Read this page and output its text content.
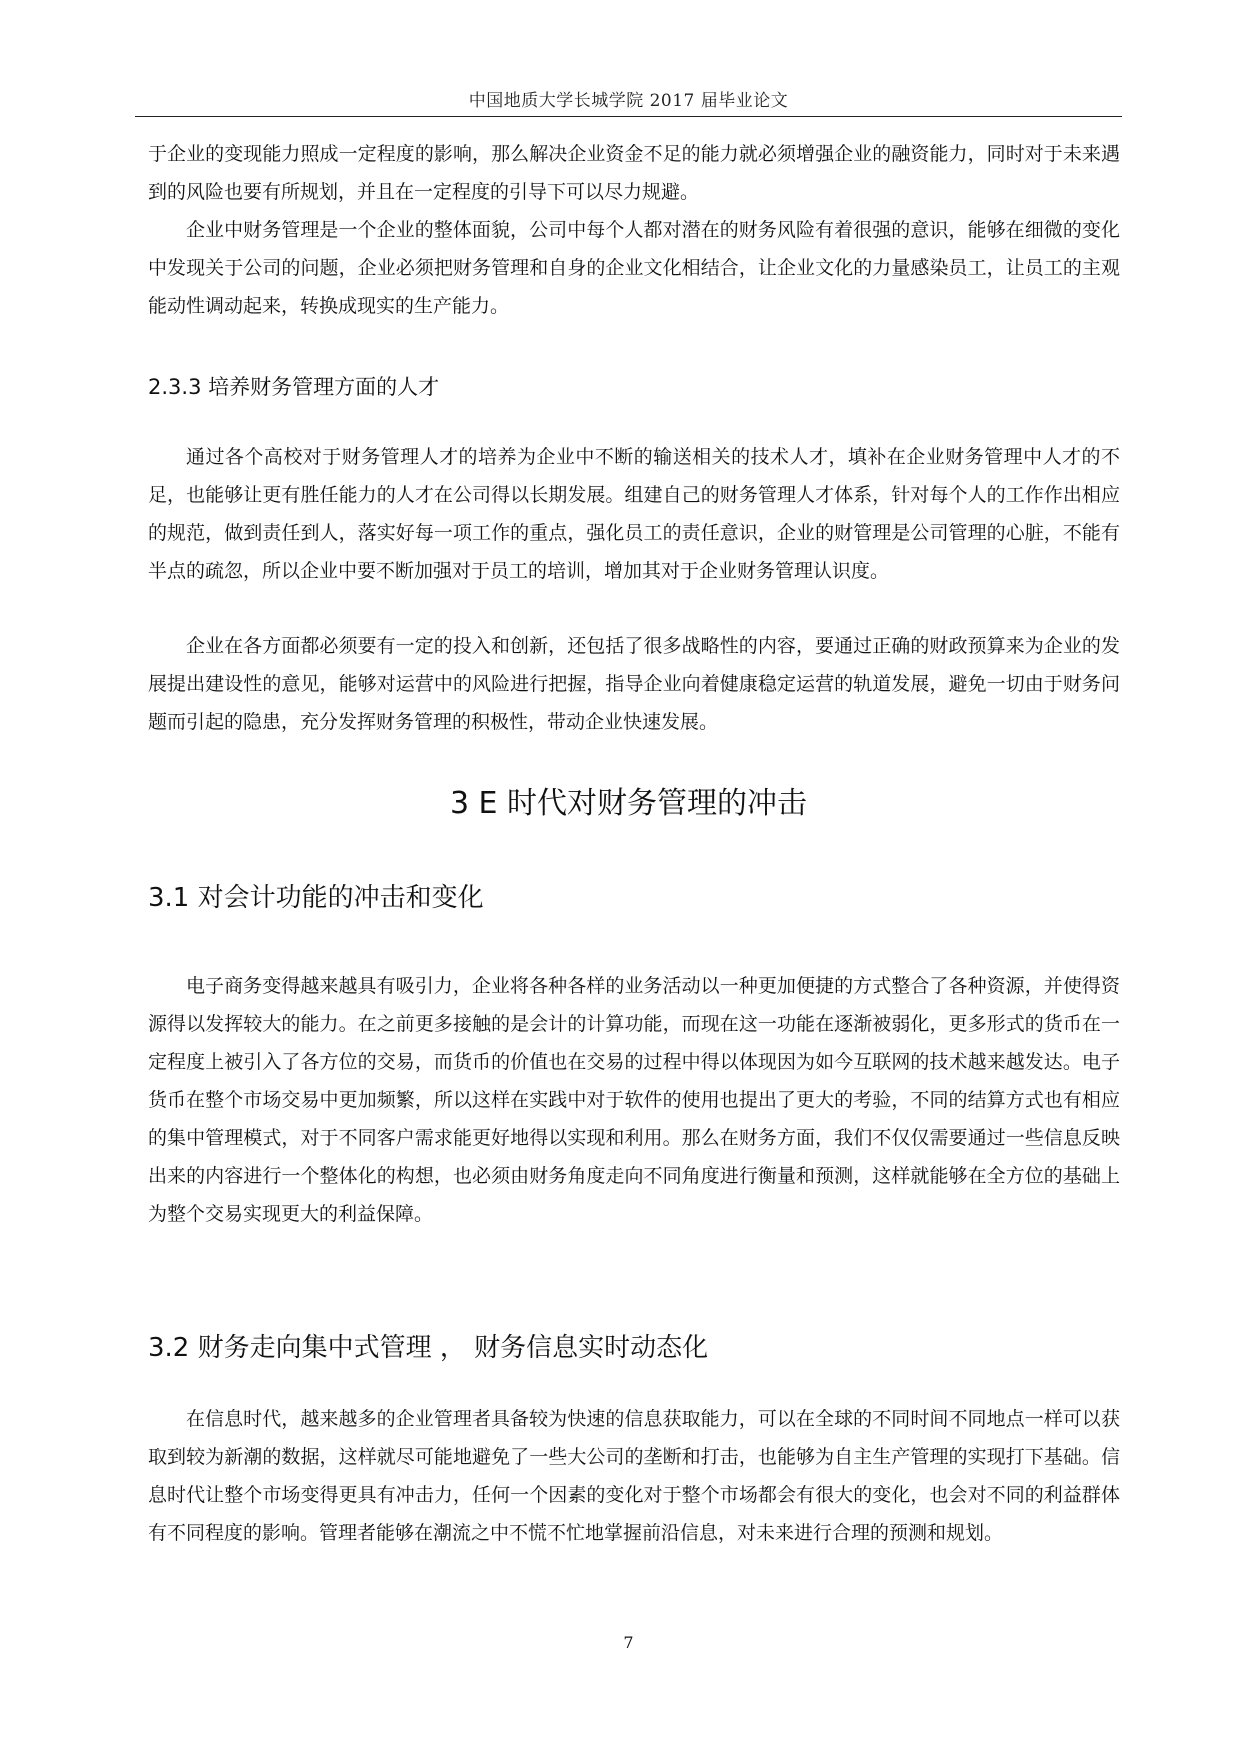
中国地质大学长城学院 2017 届毕业论文

于企业的变现能力照成一定程度的影响，那么解决企业资金不足的能力就必须增强企业的融资能力，同时对于未来遇到的风险也要有所规划，并且在一定程度的引导下可以尽力规避。

企业中财务管理是一个企业的整体面貌，公司中每个人都对潜在的财务风险有着很强的意识，能够在细微的变化中发现关于公司的问题，企业必须把财务管理和自身的企业文化相结合，让企业文化的力量感染员工，让员工的主观能动性调动起来，转换成现实的生产能力。

2.3.3 培养财务管理方面的人才

通过各个高校对于财务管理人才的培养为企业中不断的输送相关的技术人才，填补在企业财务管理中人才的不足，也能够让更有胜任能力的人才在公司得以长期发展。组建自己的财务管理人才体系，针对每个人的工作作出相应的规范，做到责任到人，落实好每一项工作的重点，强化员工的责任意识，企业的财管理是公司管理的心脏，不能有半点的疏忽，所以企业中要不断加强对于员工的培训，增加其对于企业财务管理认识度。

企业在各方面都必须要有一定的投入和创新，还包括了很多战略性的内容，要通过正确的财政预算来为企业的发展提出建设性的意见，能够对运营中的风险进行把握，指导企业向着健康稳定运营的轨道发展，避免一切由于财务问题而引起的隐患，充分发挥财务管理的积极性，带动企业快速发展。

3 E 时代对财务管理的冲击
3.1 对会计功能的冲击和变化

电子商务变得越来越具有吸引力，企业将各种各样的业务活动以一种更加便捷的方式整合了各种资源，并使得资源得以发挥较大的能力。在之前更多接触的是会计的计算功能，而现在这一功能在逐渐被弱化，更多形式的货币在一定程度上被引入了各方位的交易，而货币的价值也在交易的过程中得以体现因为如今互联网的技术越来越发达。电子货币在整个市场交易中更加频繁，所以这样在实践中对于软件的使用也提出了更大的考验，不同的结算方式也有相应的集中管理模式，对于不同客户需求能更好地得以实现和利用。那么在财务方面，我们不仅仅需要通过一些信息反映出来的内容进行一个整体化的构想，也必须由财务角度走向不同角度进行衡量和预测，这样就能够在全方位的基础上为整个交易实现更大的利益保障。

3.2 财务走向集中式管理 ， 财务信息实时动态化

在信息时代，越来越多的企业管理者具备较为快速的信息获取能力，可以在全球的不同时间不同地点一样可以获取到较为新潮的数据，这样就尽可能地避免了一些大公司的垄断和打击，也能够为自主生产管理的实现打下基础。信息时代让整个市场变得更具有冲击力，任何一个因素的变化对于整个市场都会有很大的变化，也会对不同的利益群体有不同程度的影响。管理者能够在潮流之中不慌不忙地掌握前沿信息，对未来进行合理的预测和规划。

7
